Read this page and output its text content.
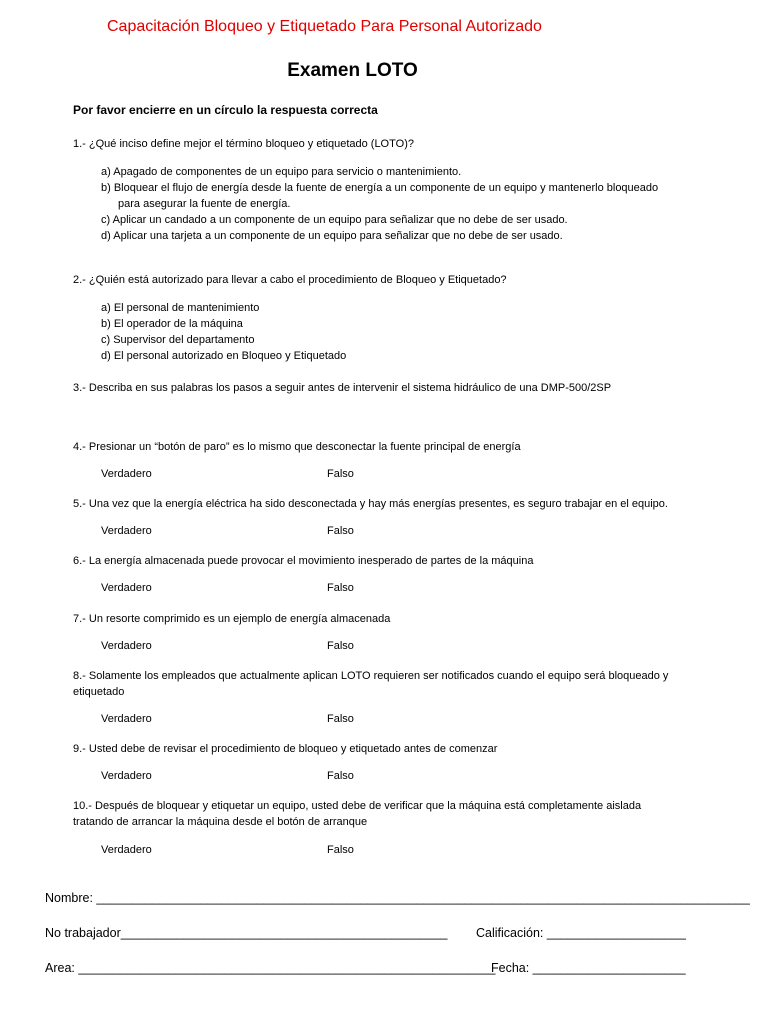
Capacitación Bloqueo y Etiquetado Para Personal Autorizado
Examen LOTO
Por favor encierre en un círculo la respuesta correcta
1.- ¿Qué inciso define mejor el término bloqueo y etiquetado (LOTO)?
a) Apagado de componentes de un equipo para servicio o mantenimiento.
b) Bloquear el flujo de energía desde la fuente de energía a un componente de un equipo y mantenerlo bloqueado
para asegurar la fuente de energía.
c) Aplicar un candado a un componente de un equipo para señalizar que no debe de ser usado.
d) Aplicar una tarjeta a un componente de un equipo para señalizar que no debe de ser usado.
2.- ¿Quién está autorizado para llevar a cabo el procedimiento de Bloqueo y Etiquetado?
a) El personal de mantenimiento
b) El operador de la máquina
c) Supervisor del departamento
d) El personal autorizado en Bloqueo y Etiquetado
3.- Describa en sus palabras los pasos a seguir antes de intervenir el sistema hidráulico de una DMP-500/2SP
4.- Presionar un “botón de paro” es lo mismo que desconectar la fuente principal de energía
Verdadero	Falso
5.- Una vez que la energía eléctrica ha sido desconectada y hay más energías presentes, es seguro trabajar en el equipo.
Verdadero	Falso
6.- La energía almacenada puede provocar el movimiento inesperado de partes de la máquina
Verdadero	Falso
7.- Un resorte comprimido es un ejemplo de energía almacenada
Verdadero	Falso
8.- Solamente los empleados que actualmente aplican LOTO requieren ser notificados cuando el equipo será bloqueado y
etiquetado
Verdadero	Falso
9.- Usted debe de revisar el procedimiento de bloqueo y etiquetado antes de comenzar
Verdadero	Falso
10.- Después de bloquear y etiquetar un equipo, usted debe de verificar que la máquina está completamente aislada
tratando de arrancar la máquina desde el botón de arranque
Verdadero	Falso
Nombre: ______________________________________________________________________________________________
No trabajador_______________________________________________ Calificación: ____________________
Area: ____________________________________________________________
Fecha: ______________________
